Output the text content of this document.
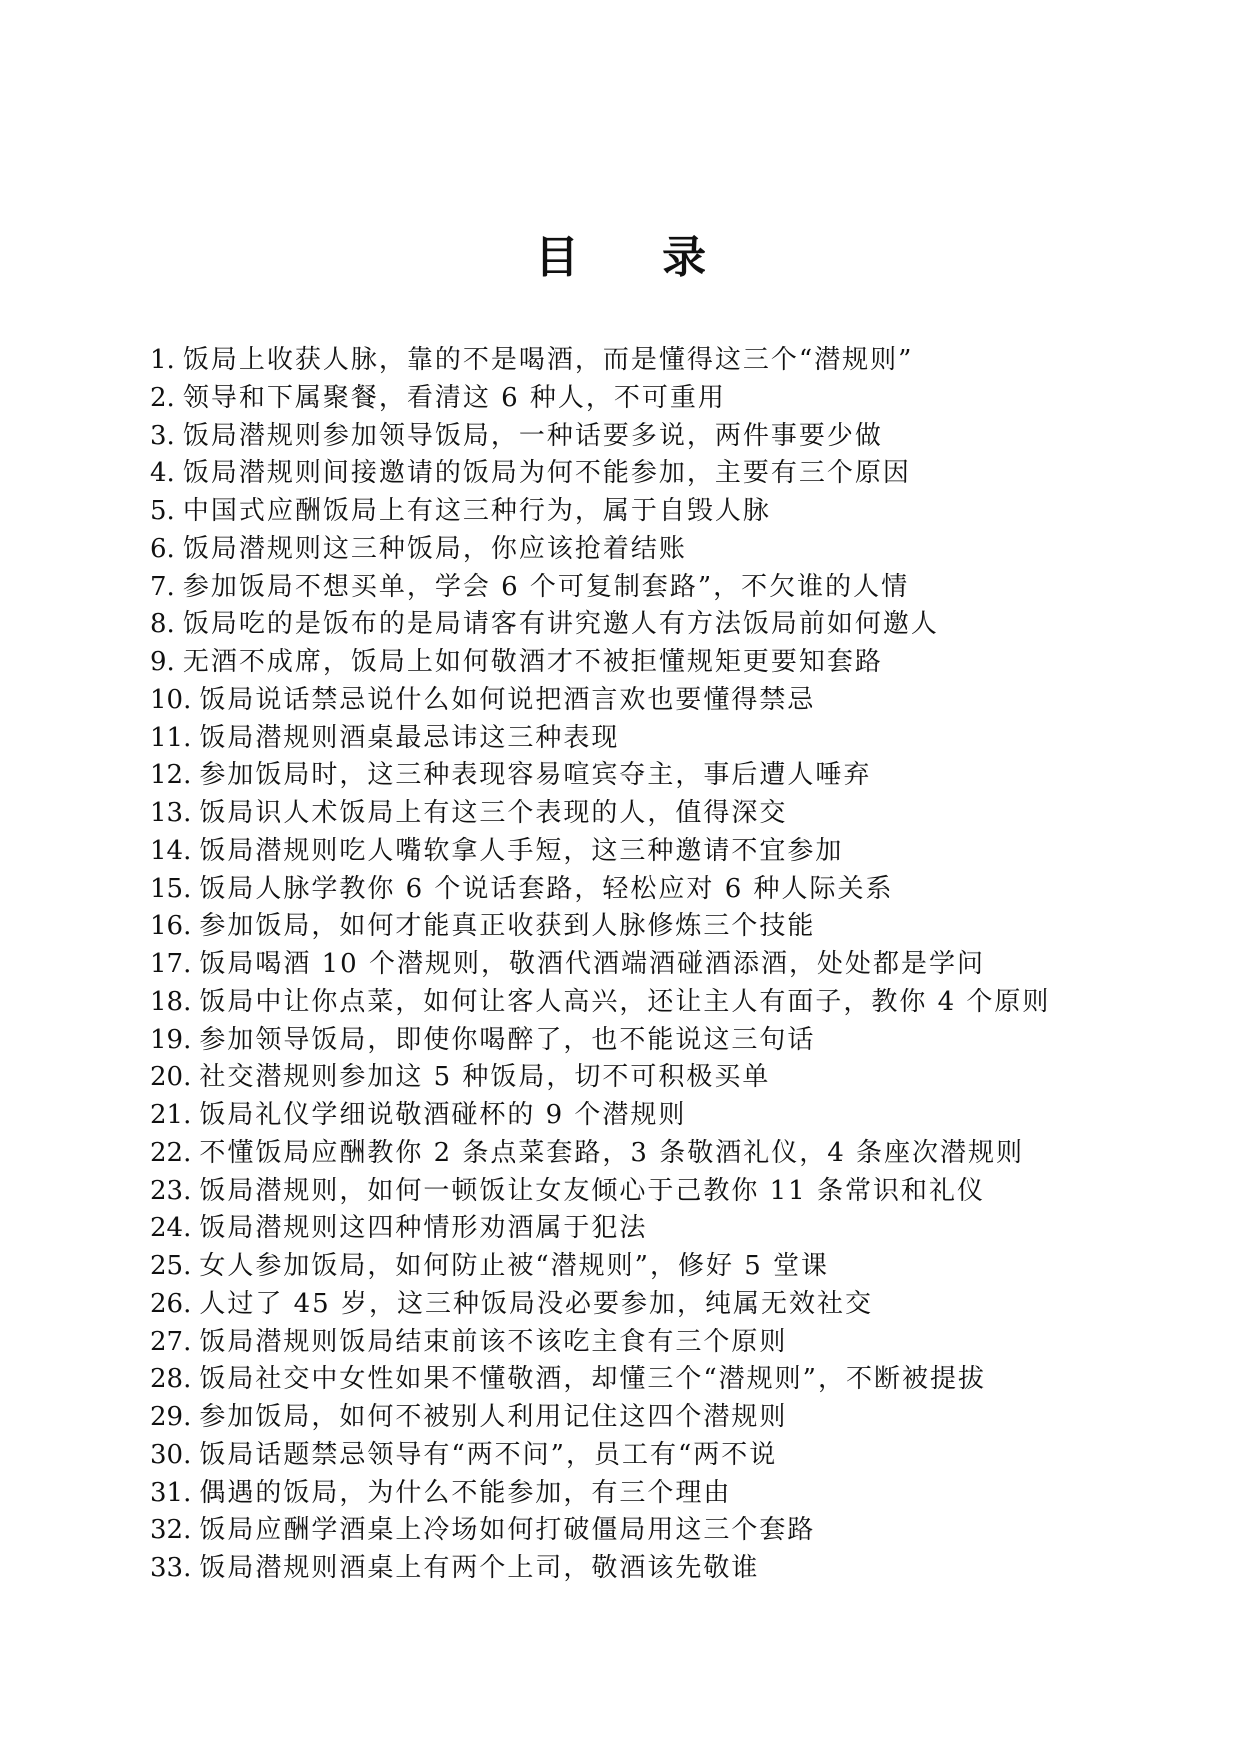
目 录
1. 饭局上收获人脉，靠的不是喝酒，而是懂得这三个“潜规则”
2. 领导和下属聚餐，看清这 6 种人，不可重用
3. 饭局潜规则参加领导饭局，一种话要多说，两件事要少做
4. 饭局潜规则间接邀请的饭局为何不能参加，主要有三个原因
5. 中国式应酬饭局上有这三种行为，属于自毁人脉
6. 饭局潜规则这三种饭局，你应该抢着结账
7. 参加饭局不想买单，学会 6 个可复制套路”，不欠谁的人情
8. 饭局吃的是饭布的是局请客有讲究邀人有方法饭局前如何邀人
9. 无酒不成席，饭局上如何敬酒才不被拒懂规矩更要知套路
10. 饭局说话禁忌说什么如何说把酒言欢也要懂得禁忌
11. 饭局潜规则酒桌最忌讳这三种表现
12. 参加饭局时，这三种表现容易喧宾夺主，事后遭人唾弃
13. 饭局识人术饭局上有这三个表现的人，值得深交
14. 饭局潜规则吃人嘴软拿人手短，这三种邀请不宜参加
15. 饭局人脉学教你 6 个说话套路，轻松应对 6 种人际关系
16. 参加饭局，如何才能真正收获到人脉修炼三个技能
17. 饭局喝酒 10 个潜规则，敬酒代酒端酒碰酒添酒，处处都是学问
18. 饭局中让你点菜，如何让客人高兴，还让主人有面子，教你 4 个原则
19. 参加领导饭局，即使你喝醉了，也不能说这三句话
20. 社交潜规则参加这 5 种饭局，切不可积极买单
21. 饭局礼仪学细说敬酒碰杯的 9 个潜规则
22. 不懂饭局应酬教你 2 条点菜套路，3 条敬酒礼仪，4 条座次潜规则
23. 饭局潜规则，如何一顿饭让女友倾心于己教你 11 条常识和礼仪
24. 饭局潜规则这四种情形劝酒属于犯法
25. 女人参加饭局，如何防止被“潜规则”，修好 5 堂课
26. 人过了 45 岁，这三种饭局没必要参加，纯属无效社交
27. 饭局潜规则饭局结束前该不该吃主食有三个原则
28. 饭局社交中女性如果不懂敬酒，却懂三个“潜规则”，不断被提拔
29. 参加饭局，如何不被别人利用记住这四个潜规则
30. 饭局话题禁忌领导有“两不问”，员工有“两不说
31. 偶遇的饭局，为什么不能参加，有三个理由
32. 饭局应酬学酒桌上冷场如何打破僵局用这三个套路
33. 饭局潜规则酒桌上有两个上司，敬酒该先敬谁
